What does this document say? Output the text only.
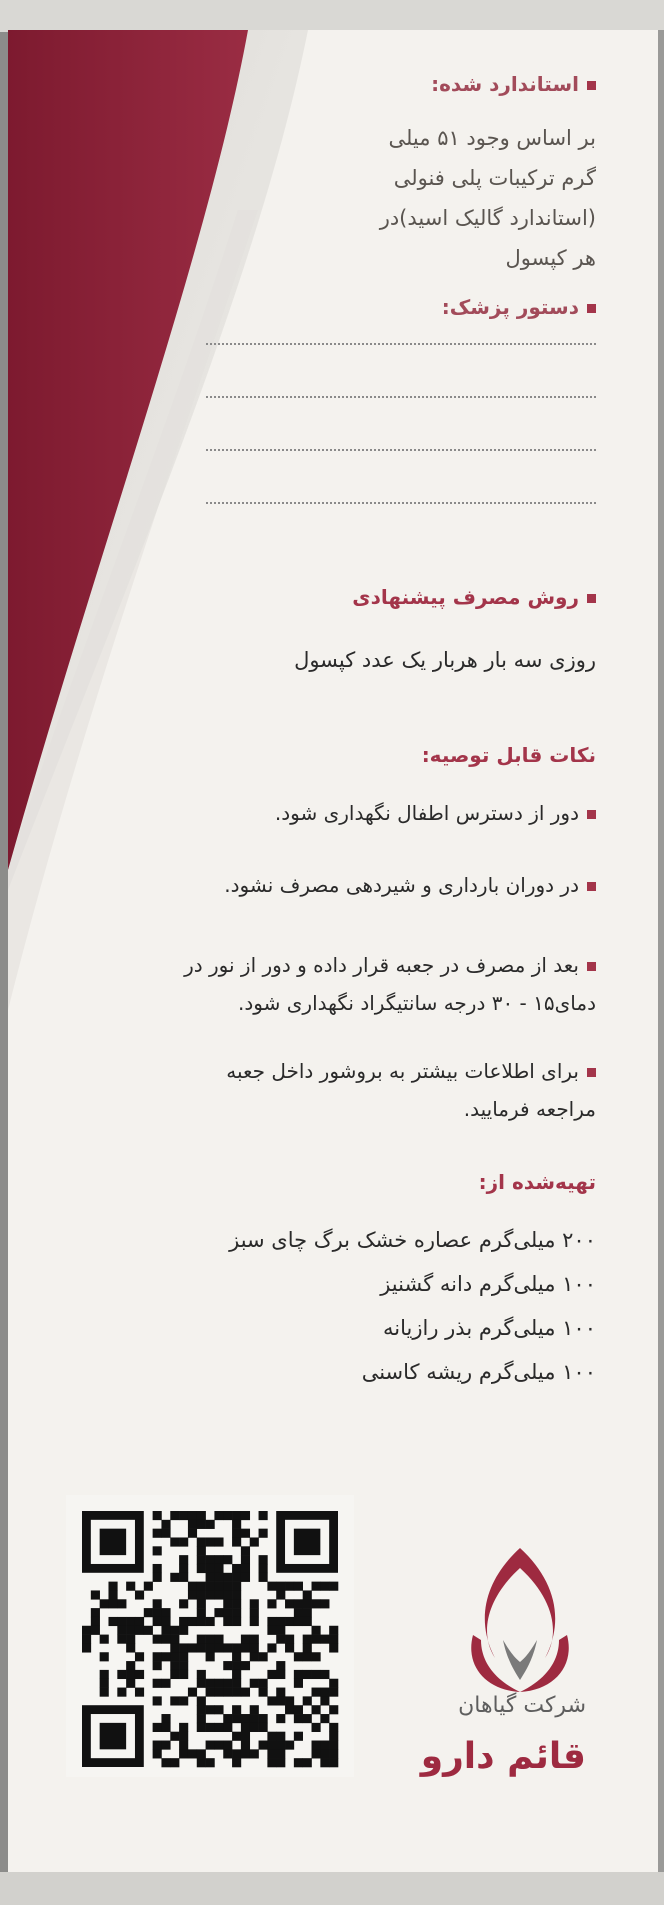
استاندارد شده:
بر اساس وجود ۵۱ میلی
گرم ترکیبات پلی فنولی
(استاندارد گالیک اسید)در
هر کپسول
دستور پزشک:
روش مصرف پیشنهادی
روزی سه بار هربار یک عدد کپسول
نکات قابل توصیه:
دور از دسترس اطفال نگهداری شود.
در دوران بارداری و شیردهی مصرف نشود.
بعد از مصرف در جعبه قرار داده و دور از نور در
دمای۱۵ - ۳۰ درجه سانتیگراد نگهداری شود.
برای اطلاعات بیشتر به بروشور داخل جعبه
مراجعه فرمایید.
تهیه‌شده از:
۲۰۰ میلی‌گرم عصاره خشک برگ چای سبز
۱۰۰ میلی‌گرم دانه گشنیز
۱۰۰ میلی‌گرم بذر رازیانه
۱۰۰ میلی‌گرم ریشه کاسنی
شرکت گیاهان
قائم دارو
